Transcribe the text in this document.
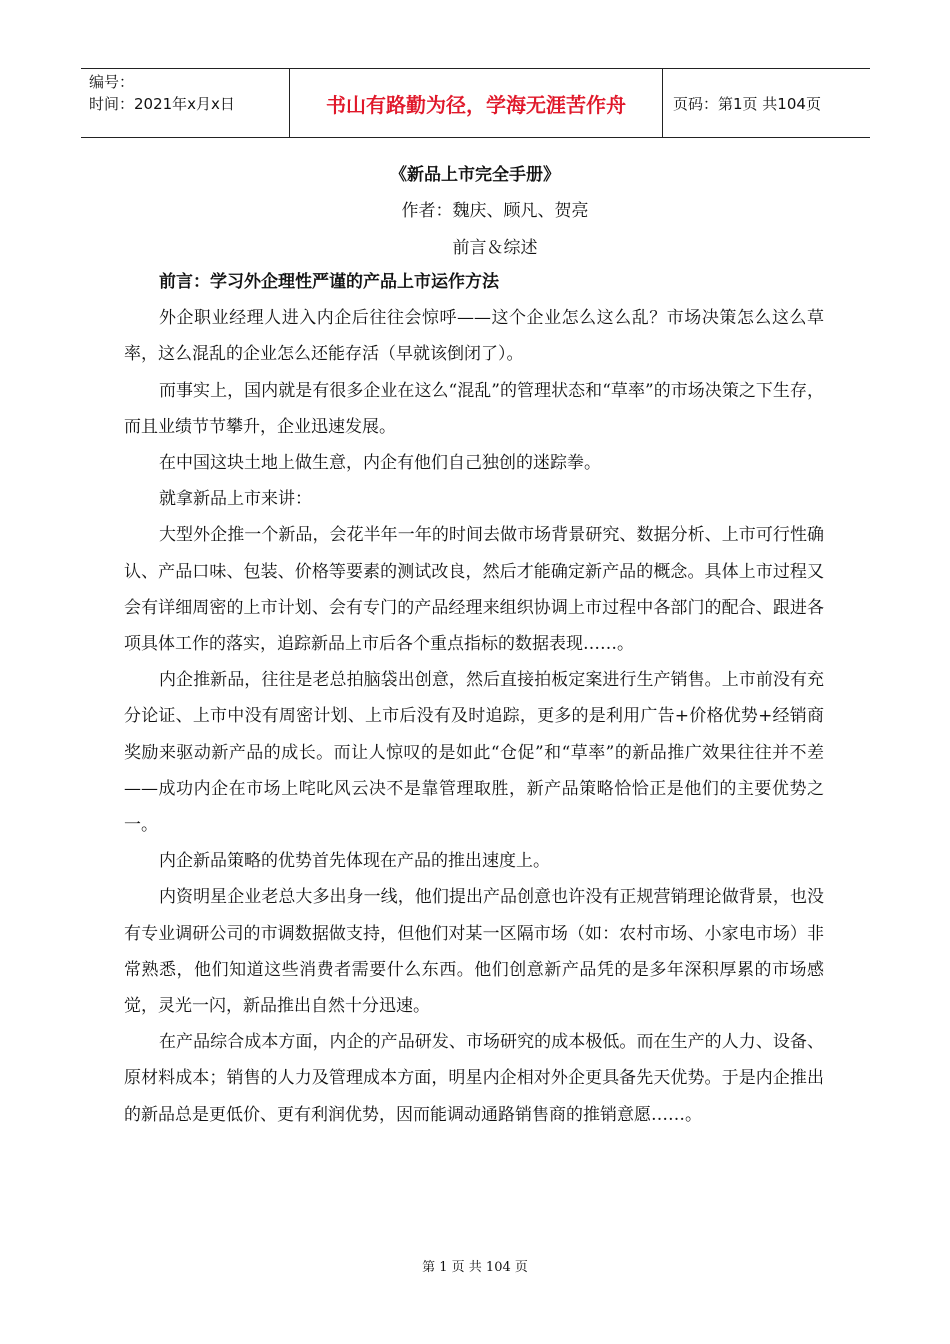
编号：
时间：2021年x月x日	书山有路勤为径，学海无涯苦作舟	页码：第1页 共104页
《新品上市完全手册》
作者：魏庆、顾凡、贺亮
前言＆综述

前言：学习外企理性严谨的产品上市运作方法

外企职业经理人进入内企后往往会惊呼——这个企业怎么这么乱？市场决策怎么这么草率，这么混乱的企业怎么还能存活（早就该倒闭了）。

而事实上，国内就是有很多企业在这么“混乱”的管理状态和“草率”的市场决策之下生存，而且业绩节节攀升，企业迅速发展。

在中国这块土地上做生意，内企有他们自己独创的迷踪拳。

就拿新品上市来讲：

大型外企推一个新品，会花半年一年的时间去做市场背景研究、数据分析、上市可行性确认、产品口味、包装、价格等要素的测试改良，然后才能确定新产品的概念。具体上市过程又会有详细周密的上市计划、会有专门的产品经理来组织协调上市过程中各部门的配合、跟进各项具体工作的落实，追踪新品上市后各个重点指标的数据表现……。

内企推新品，往往是老总拍脑袋出创意，然后直接拍板定案进行生产销售。上市前没有充分论证、上市中没有周密计划、上市后没有及时追踪，更多的是利用广告+价格优势+经销商奖励来驱动新产品的成长。而让人惊叹的是如此“仓促”和“草率”的新品推广效果往往并不差——成功内企在市场上咤叱风云决不是靠管理取胜，新产品策略恰恰正是他们的主要优势之一。

内企新品策略的优势首先体现在产品的推出速度上。

内资明星企业老总大多出身一线，他们提出产品创意也许没有正规营销理论做背景，也没有专业调研公司的市调数据做支持，但他们对某一区隔市场（如：农村市场、小家电市场）非常熟悉，他们知道这些消费者需要什么东西。他们创意新产品凭的是多年深积厚累的市场感觉，灵光一闪，新品推出自然十分迅速。

在产品综合成本方面，内企的产品研发、市场研究的成本极低。而在生产的人力、设备、原材料成本；销售的人力及管理成本方面，明星内企相对外企更具备先天优势。于是内企推出的新品总是更低价、更有利润优势，因而能调动通路销售商的推销意愿……。

第 1 页 共 104 页
